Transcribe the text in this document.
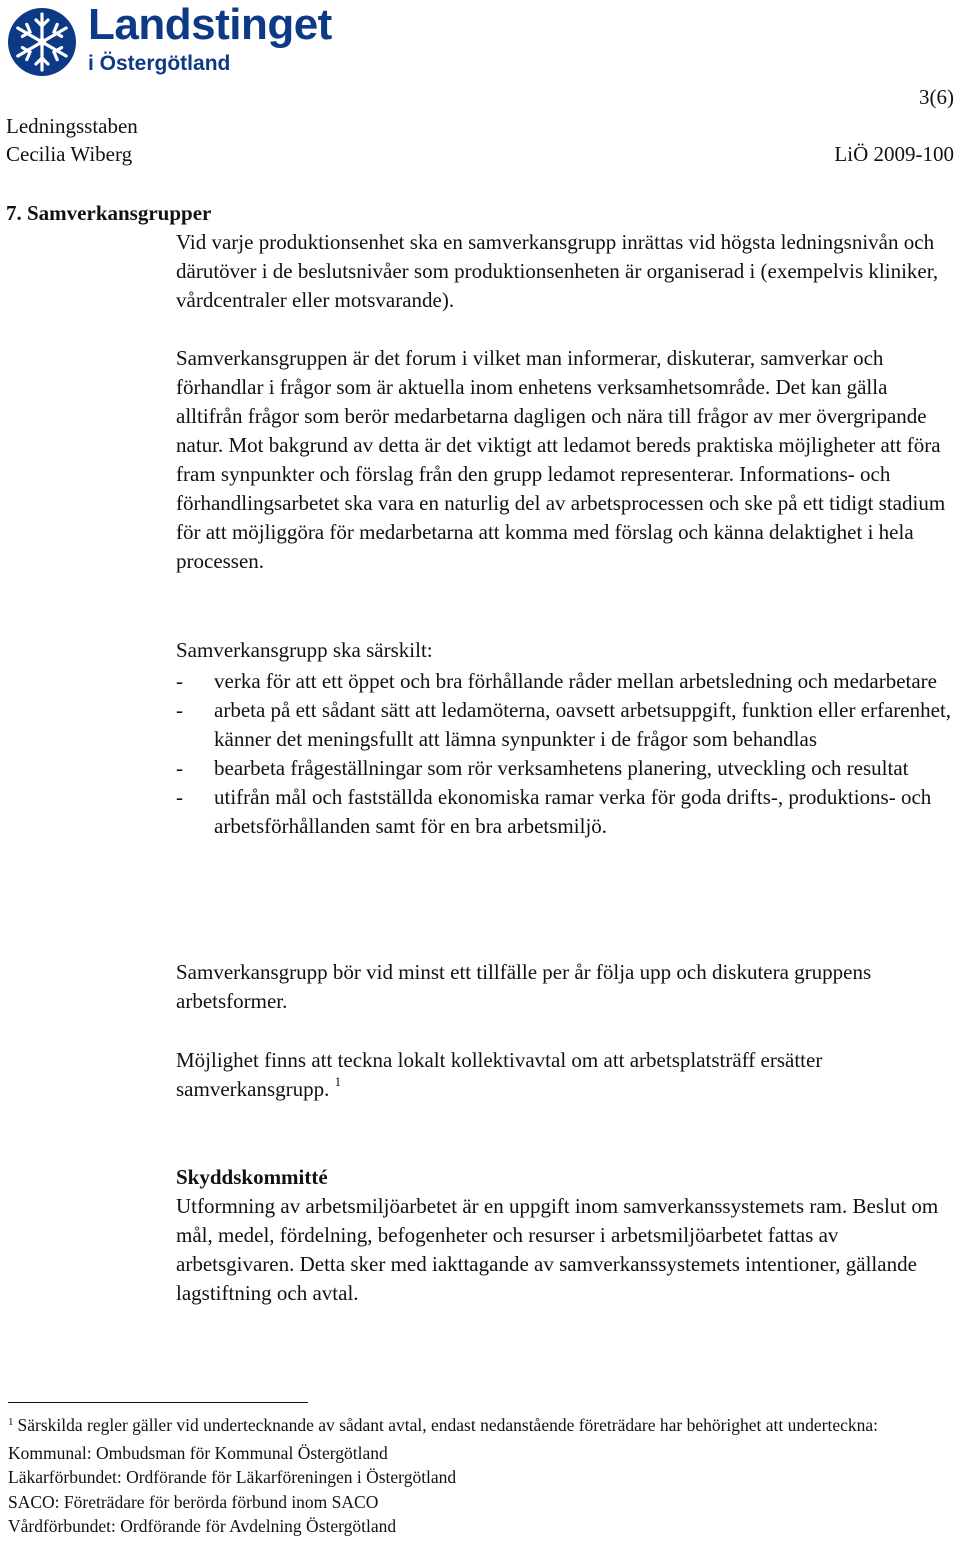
Landstinget
i Östergötland
3(6)
Ledningsstaben
Cecilia Wiberg	LiÖ 2009-100
7. Samverkansgrupper

Vid varje produktionsenhet ska en samverkansgrupp inrättas vid högsta ledningsnivån och därutöver i de beslutsnivåer som produktionsenheten är organiserad i (exempelvis kliniker, vårdcentraler eller motsvarande).

Samverkansgruppen är det forum i vilket man informerar, diskuterar, samverkar och förhandlar i frågor som är aktuella inom enhetens verksamhetsområde. Det kan gälla alltifrån frågor som berör medarbetarna dagligen och nära till frågor av mer övergripande natur. Mot bakgrund av detta är det viktigt att ledamot bereds praktiska möjligheter att föra fram synpunkter och förslag från den grupp ledamot representerar. Informations- och förhandlingsarbetet ska vara en naturlig del av arbetsprocessen och ske på ett tidigt stadium för att möjliggöra för medarbetarna att komma med förslag och känna delaktighet i hela processen.

Samverkansgrupp ska särskilt:

- verka för att ett öppet och bra förhållande råder mellan arbetsledning och medarbetare
- arbeta på ett sådant sätt att ledamöterna, oavsett arbetsuppgift, funktion eller erfarenhet, känner det meningsfullt att lämna synpunkter i de frågor som behandlas
- bearbeta frågeställningar som rör verksamhetens planering, utveckling och resultat
- utifrån mål och fastställda ekonomiska ramar verka för goda drifts-, produktions- och arbetsförhållanden samt för en bra arbetsmiljö.

Samverkansgrupp bör vid minst ett tillfälle per år följa upp och diskutera gruppens arbetsformer.

Möjlighet finns att teckna lokalt kollektivavtal om att arbetsplatsträff ersätter samverkansgrupp. $^1$

Skyddskommitté

Utformning av arbetsmiljöarbetet är en uppgift inom samverkanssystemets ram. Beslut om mål, medel, fördelning, befogenheter och resurser i arbetsmiljöarbetet fattas av arbetsgivaren. Detta sker med iakttagande av samverkanssystemets intentioner, gällande lagstiftning och avtal.

$^1$ Särskilda regler gäller vid undertecknande av sådant avtal, endast nedanstående företrädare har behörighet att underteckna:

Kommunal: Ombudsman för Kommunal Östergötland

Läkarförbundet: Ordförande för Läkarföreningen i Östergötland

SACO: Företrädare för berörda förbund inom SACO

Vårdförbundet: Ordförande för Avdelning Östergötland
